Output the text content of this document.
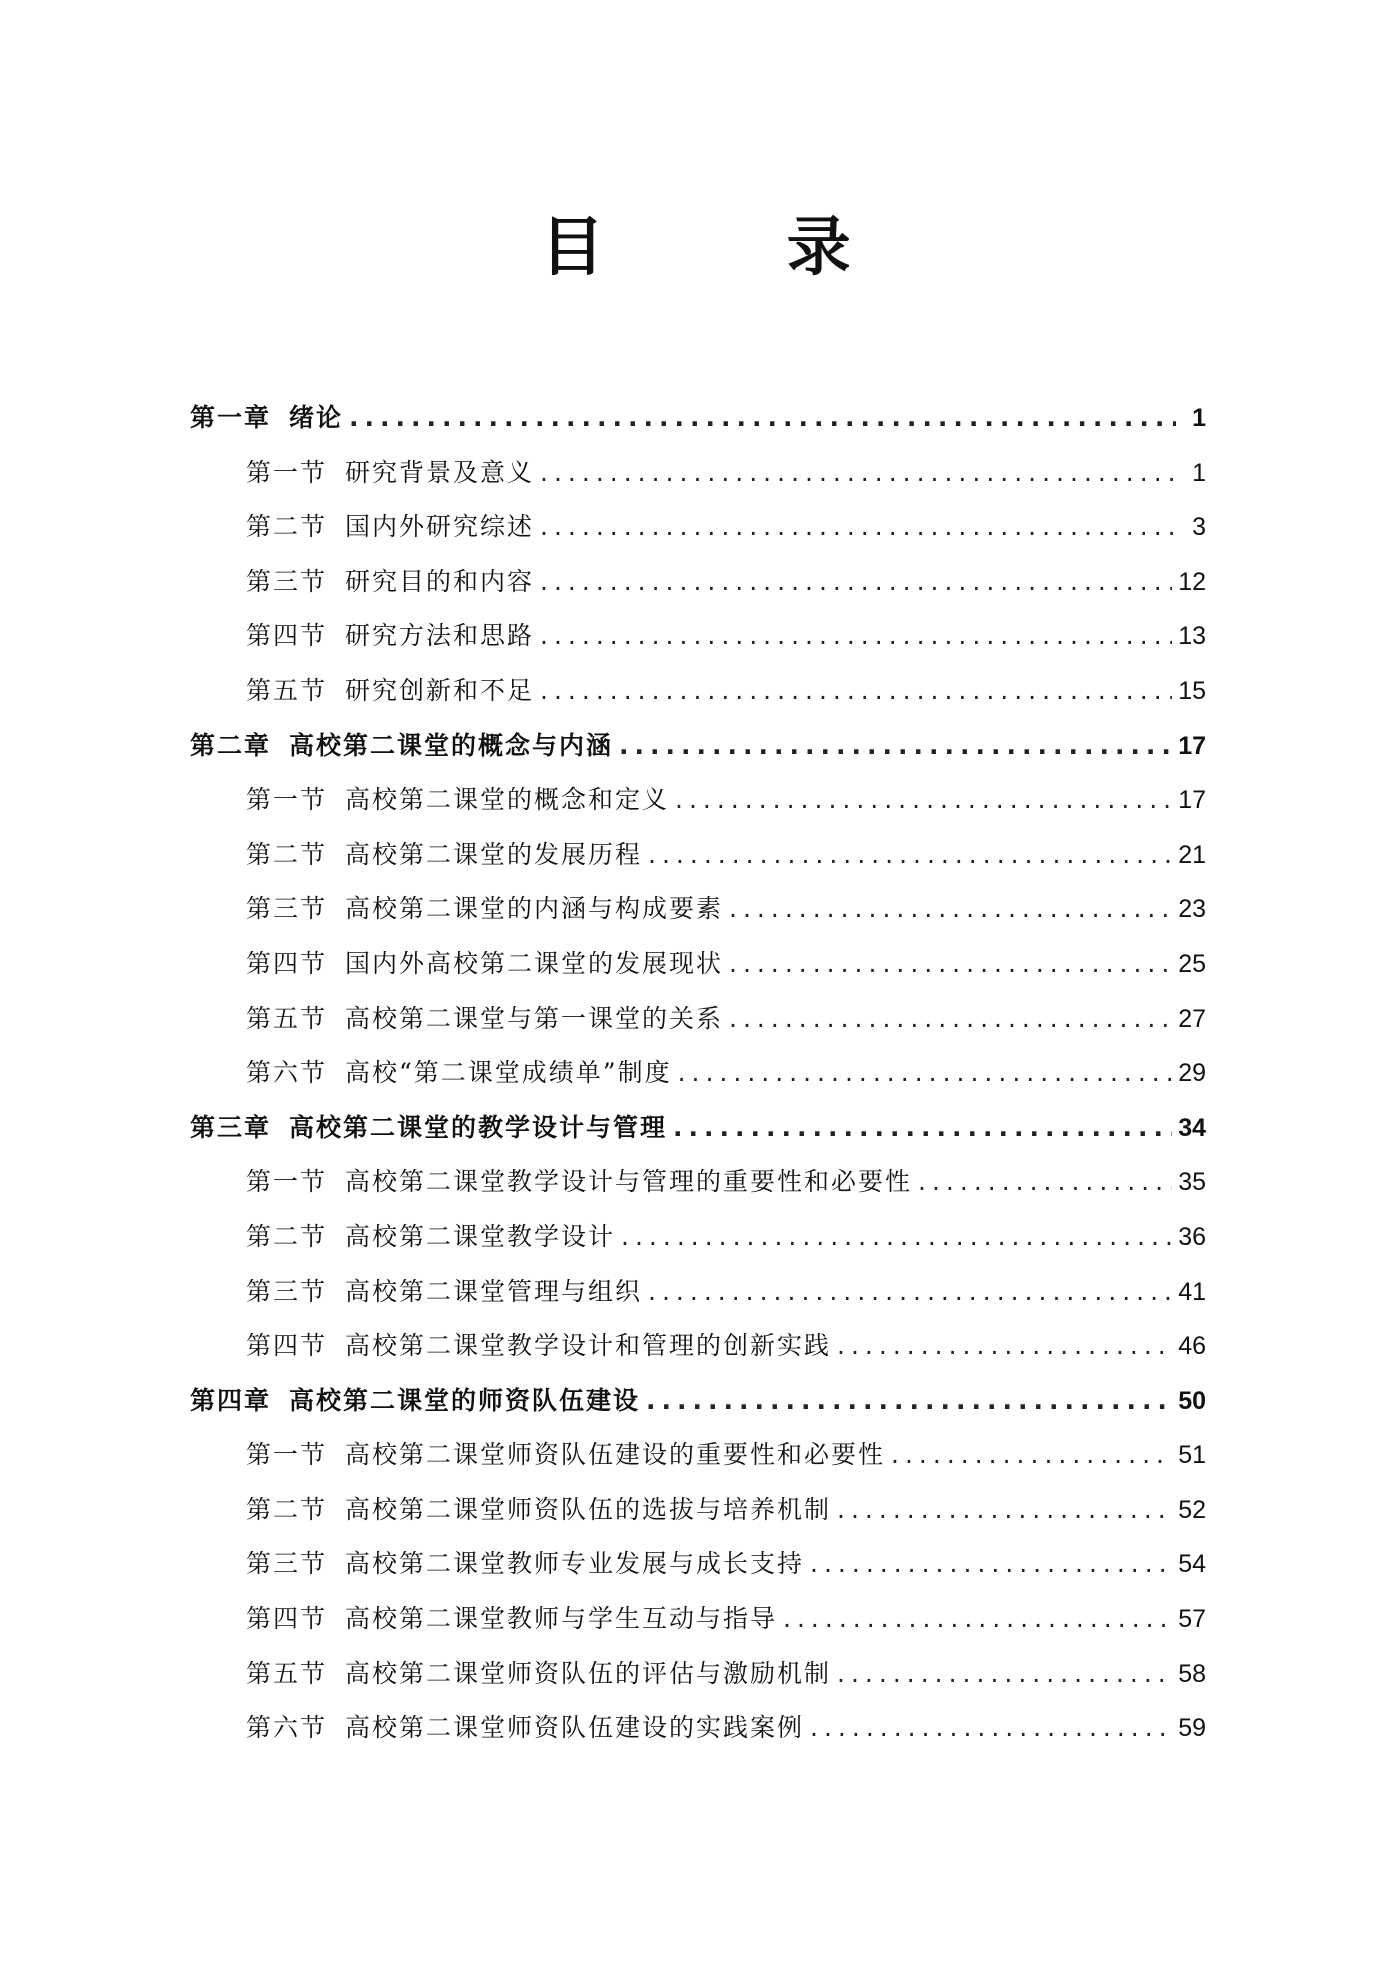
目 录
第一章 绪论 .....	1
第一节 研究背景及意义 .....	1
第二节 国内外研究综述 .....	3
第三节 研究目的和内容 .....	12
第四节 研究方法和思路 .....	13
第五节 研究创新和不足 .....	15
第二章 高校第二课堂的概念与内涵 .....	17
第一节 高校第二课堂的概念和定义 .....	17
第二节 高校第二课堂的发展历程 .....	21
第三节 高校第二课堂的内涵与构成要素 .....	23
第四节 国内外高校第二课堂的发展现状 .....	25
第五节 高校第二课堂与第一课堂的关系 .....	27
第六节 高校“第二课堂成绩单”制度 .....	29
第三章 高校第二课堂的教学设计与管理 .....	34
第一节 高校第二课堂教学设计与管理的重要性和必要性 .....	35
第二节 高校第二课堂教学设计 .....	36
第三节 高校第二课堂管理与组织 .....	41
第四节 高校第二课堂教学设计和管理的创新实践 .....	46
第四章 高校第二课堂的师资队伍建设 .....	50
第一节 高校第二课堂师资队伍建设的重要性和必要性 .....	51
第二节 高校第二课堂师资队伍的选拔与培养机制 .....	52
第三节 高校第二课堂教师专业发展与成长支持 .....	54
第四节 高校第二课堂教师与学生互动与指导 .....	57
第五节 高校第二课堂师资队伍的评估与激励机制 .....	58
第六节 高校第二课堂师资队伍建设的实践案例 .....	59
